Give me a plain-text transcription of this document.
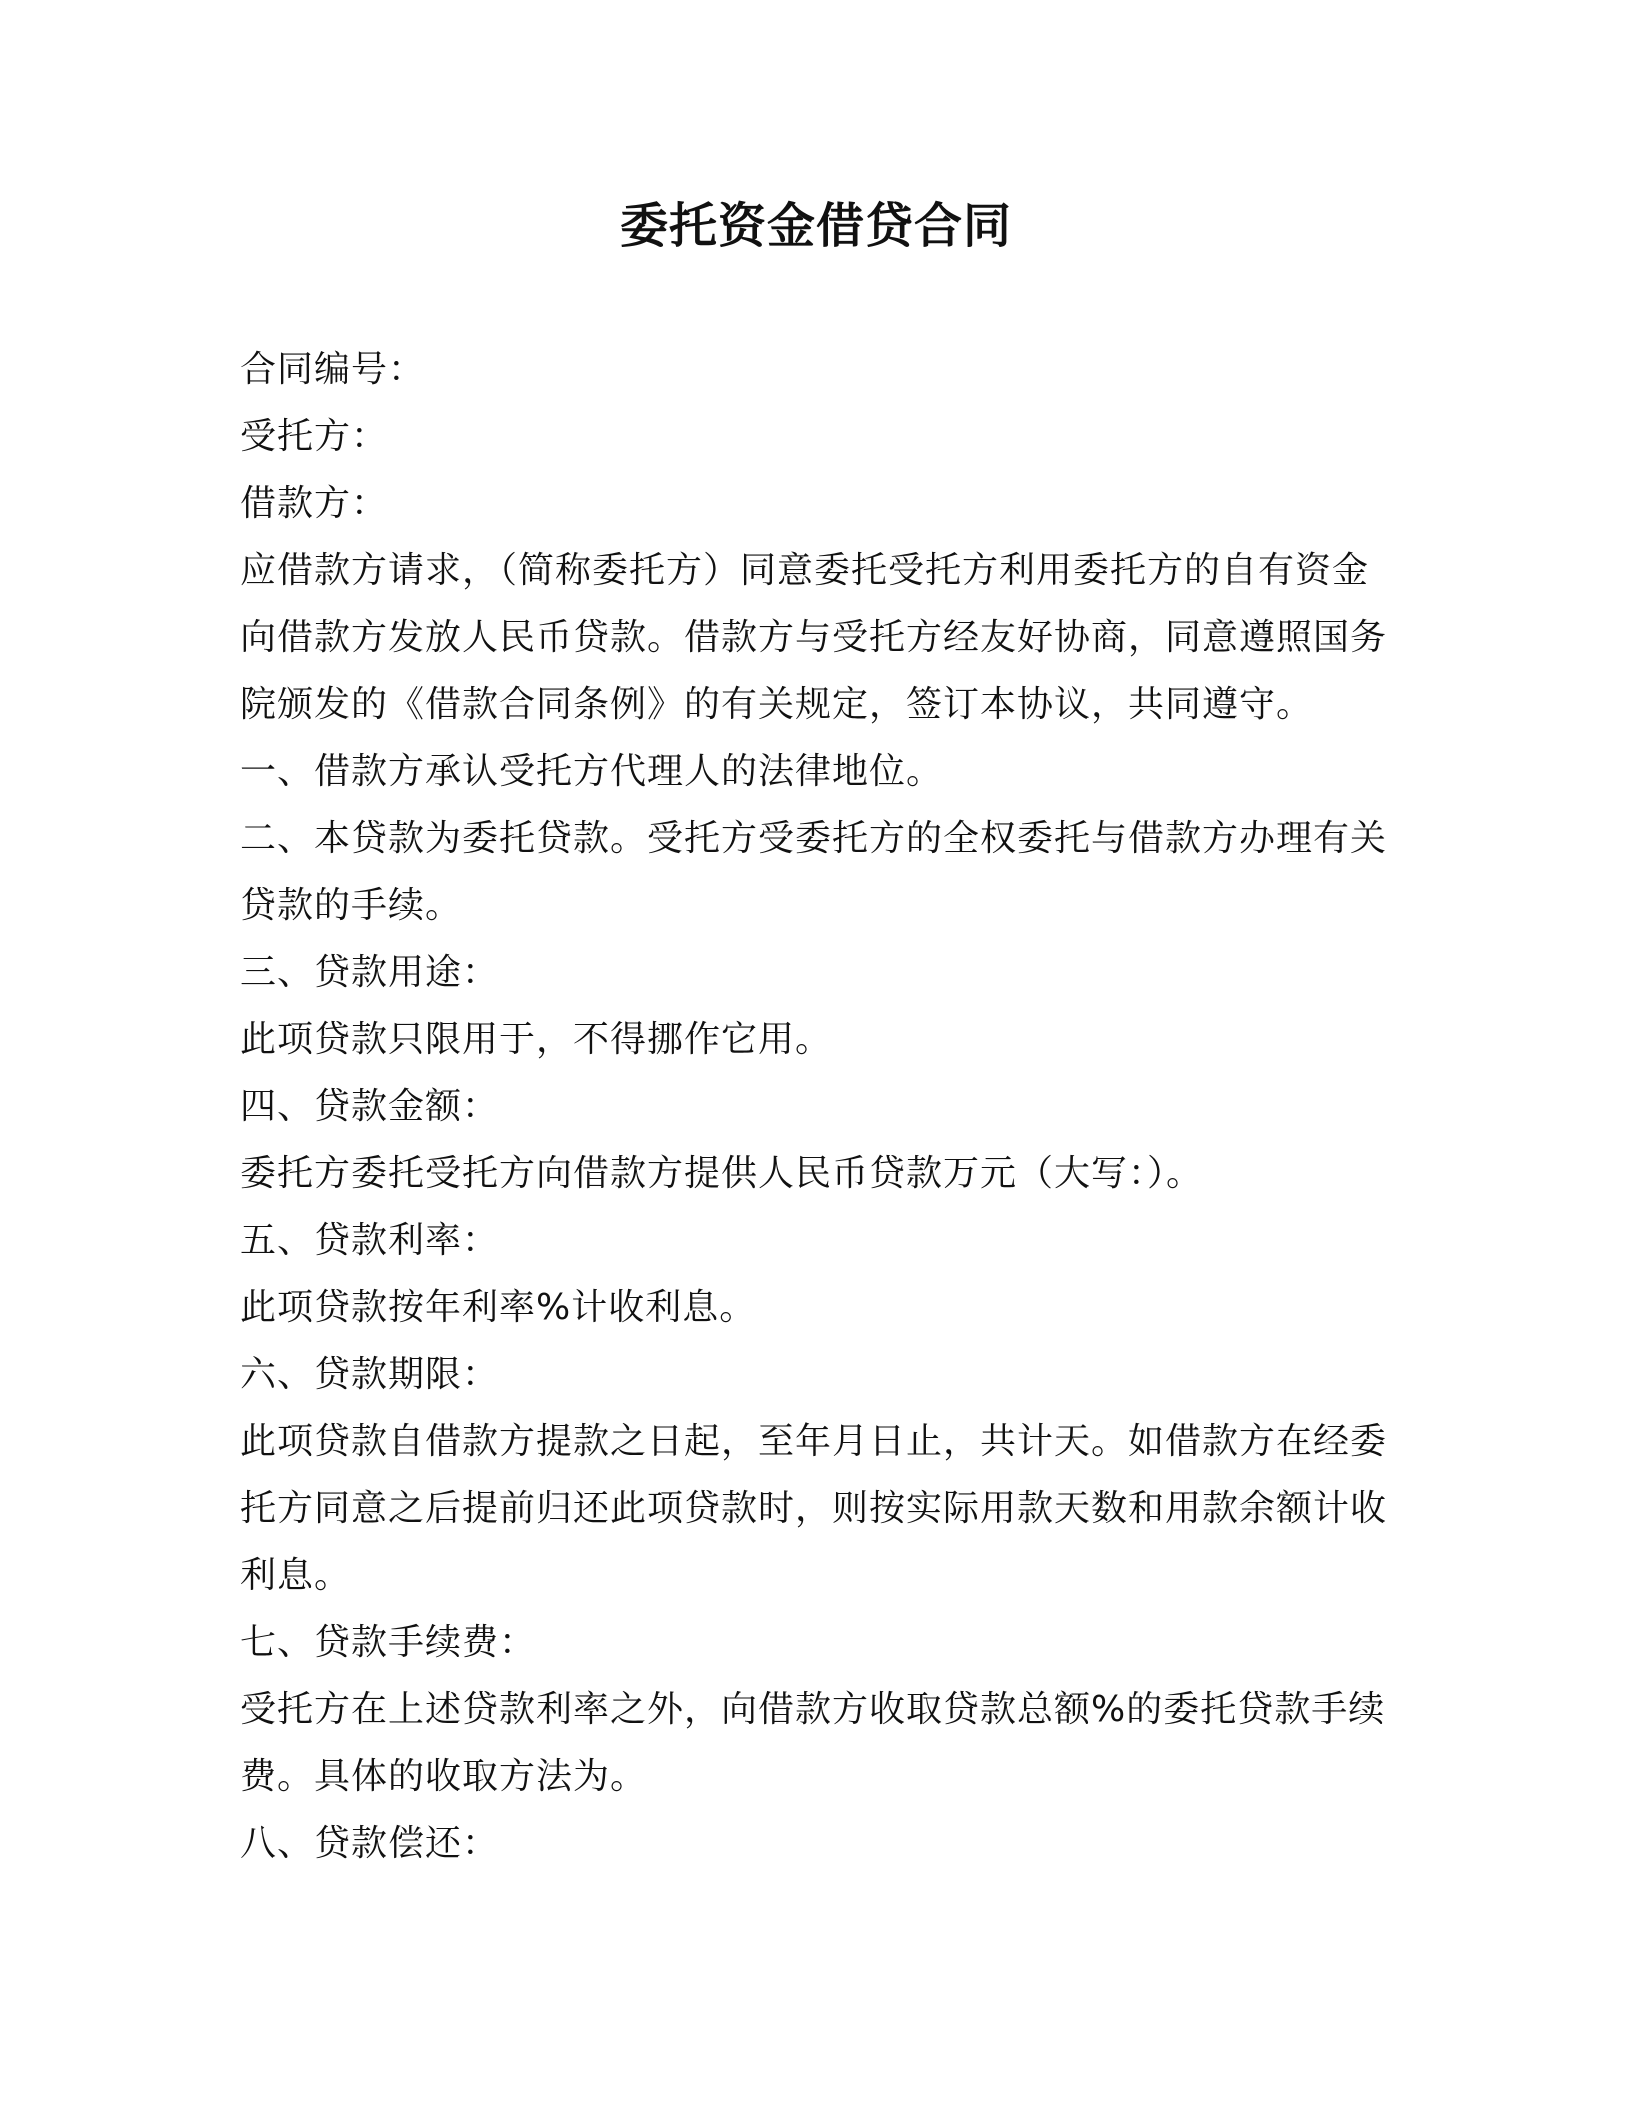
委托资金借贷合同
合同编号：
受托方：
借款方：
应借款方请求，（简称委托方）同意委托受托方利用委托方的自有资金
向借款方发放人民币贷款。借款方与受托方经友好协商，同意遵照国务
院颁发的《借款合同条例》的有关规定，签订本协议，共同遵守。
一、借款方承认受托方代理人的法律地位。
二、本贷款为委托贷款。受托方受委托方的全权委托与借款方办理有关
贷款的手续。
三、贷款用途：
此项贷款只限用于，不得挪作它用。
四、贷款金额：
委托方委托受托方向借款方提供人民币贷款万元（大写：）。
五、贷款利率：
此项贷款按年利率%计收利息。
六、贷款期限：
此项贷款自借款方提款之日起，至年月日止，共计天。如借款方在经委
托方同意之后提前归还此项贷款时，则按实际用款天数和用款余额计收
利息。
七、贷款手续费：
受托方在上述贷款利率之外，向借款方收取贷款总额%的委托贷款手续
费。具体的收取方法为。
八、贷款偿还：
